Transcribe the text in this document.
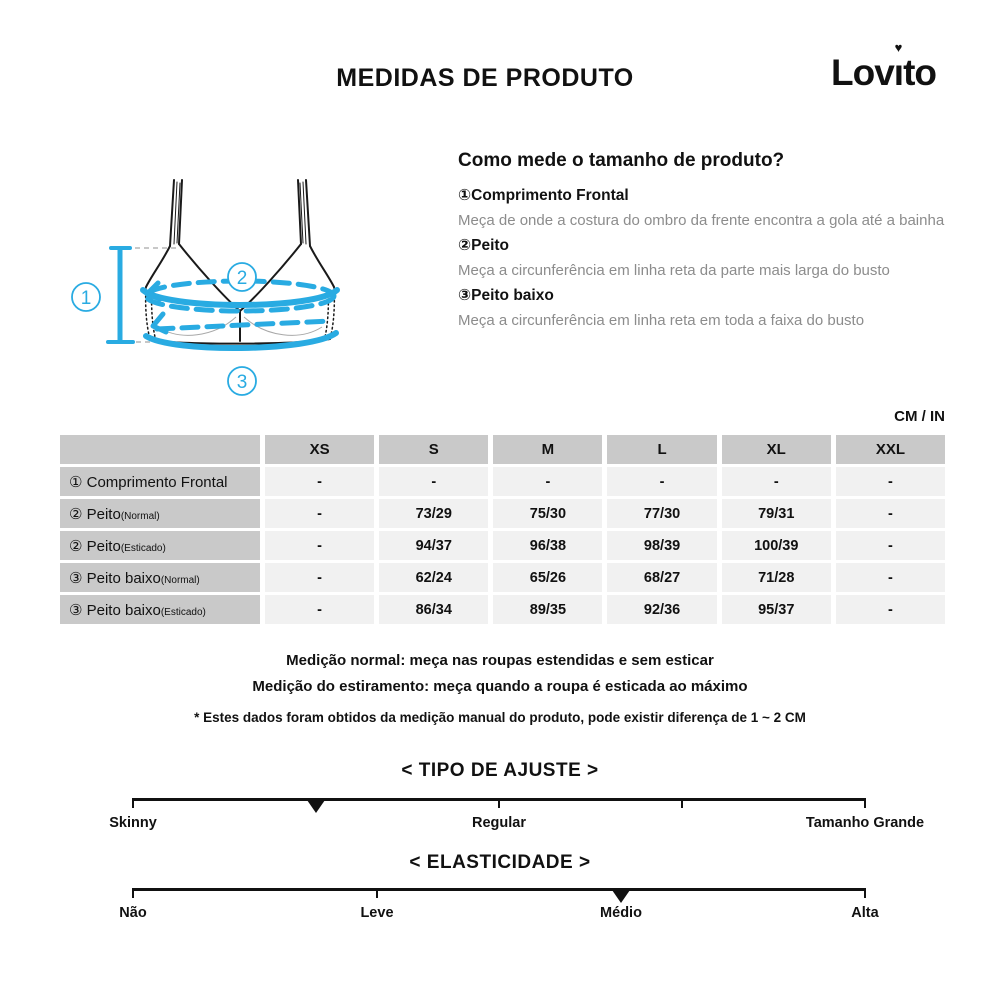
MEDIDAS DE PRODUTO	Lov
♥
ıto
1
2
3
Como mede o tamanho de produto?
①Comprimento Frontal
Meça de onde a costura do ombro da frente encontra a gola até a bainha
②Peito
Meça a circunferência em linha reta da parte mais larga do busto
③Peito baixo
Meça a circunferência em linha reta em toda a faixa do busto
CM / IN
XS	S	M	L	XL	XXL
① Comprimento Frontal	-	-	-	-	-	-
② Peito (Normal)	-	73/29	75/30	77/30	79/31	-
② Peito (Esticado)	-	94/37	96/38	98/39	100/39	-
③ Peito baixo (Normal)	-	62/24	65/26	68/27	71/28	-
③ Peito baixo (Esticado)	-	86/34	89/35	92/36	95/37	-
Medição normal: meça nas roupas estendidas e sem esticar
Medição do estiramento: meça quando a roupa é esticada ao máximo
* Estes dados foram obtidos da medição manual do produto, pode existir diferença de 1 ~ 2 CM
< TIPO DE AJUSTE >
Skinny	Regular	Tamanho Grande
< ELASTICIDADE >
Não	Leve	Médio	Alta
